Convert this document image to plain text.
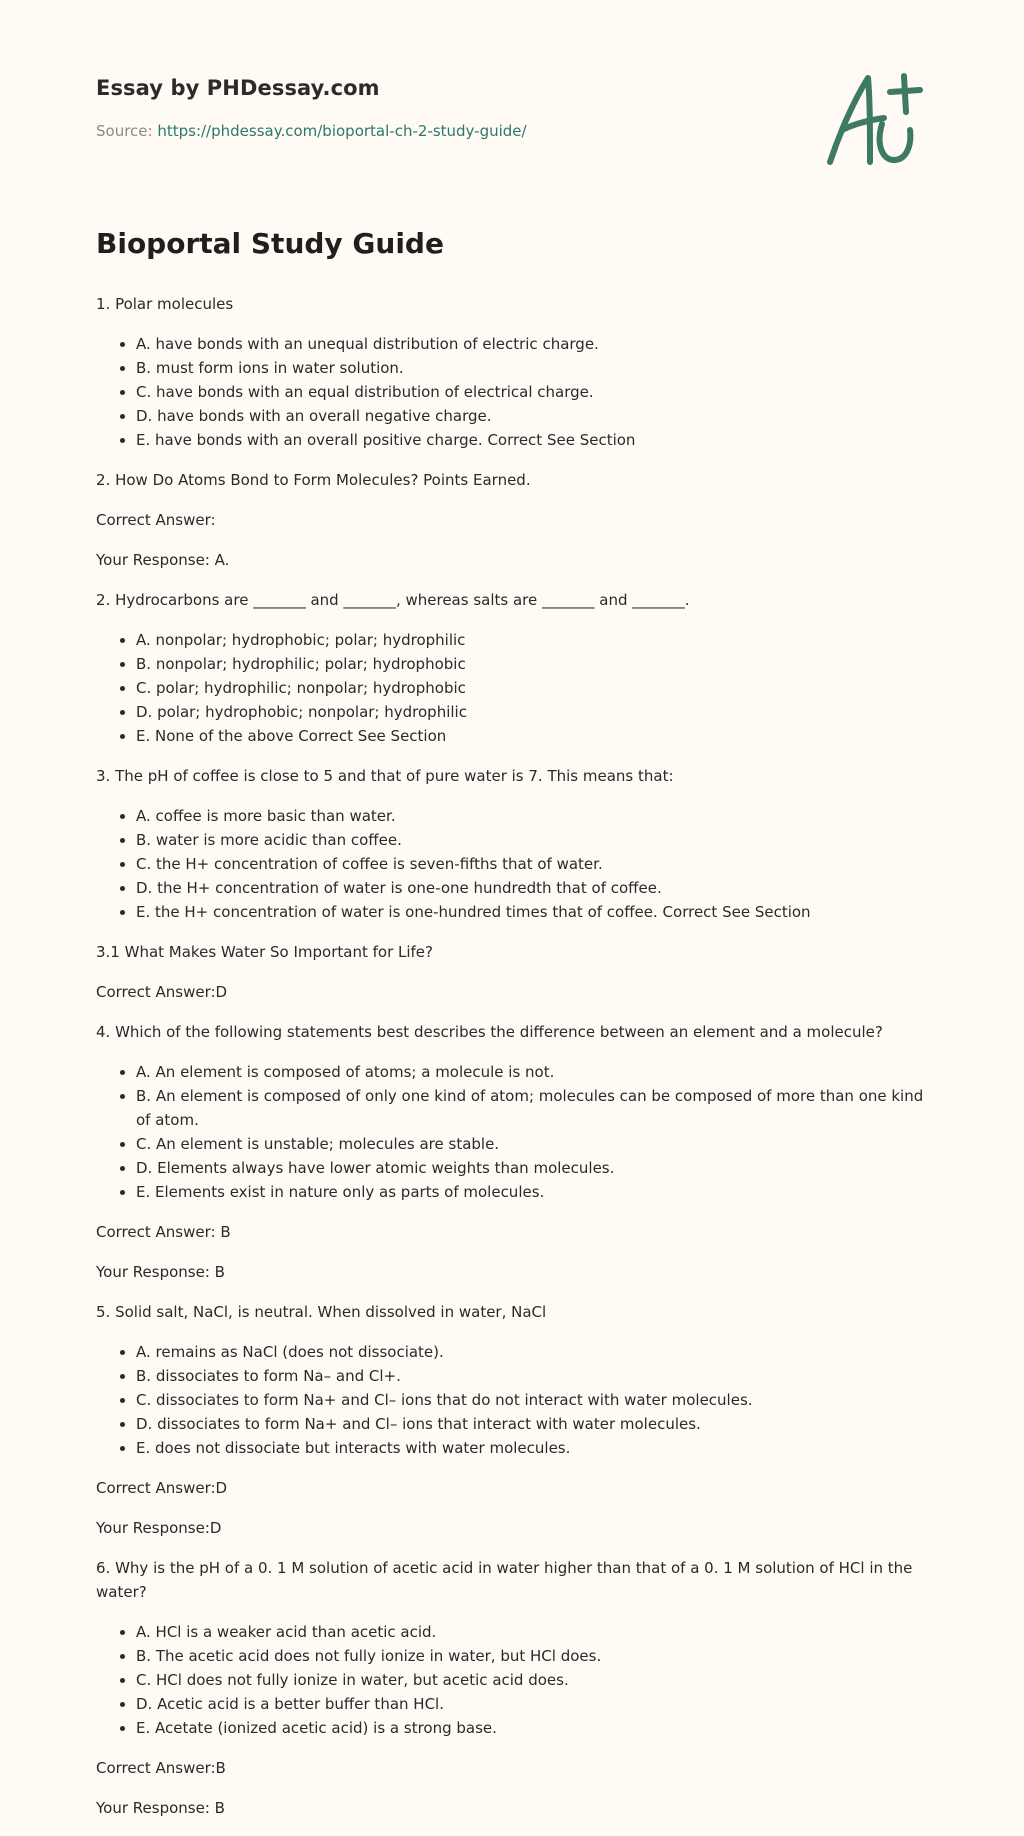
Essay by PHDessay.com
Source: https://phdessay.com/bioportal-ch-2-study-guide/
Bioportal Study Guide

1. Polar molecules

• A. have bonds with an unequal distribution of electric charge.
• B. must form ions in water solution.
• C. have bonds with an equal distribution of electrical charge.
• D. have bonds with an overall negative charge.
• E. have bonds with an overall positive charge. Correct See Section

2. How Do Atoms Bond to Form Molecules? Points Earned.

Correct Answer:

Your Response: A.

2. Hydrocarbons are _______ and _______, whereas salts are _______ and _______.

• A. nonpolar; hydrophobic; polar; hydrophilic
• B. nonpolar; hydrophilic; polar; hydrophobic
• C. polar; hydrophilic; nonpolar; hydrophobic
• D. polar; hydrophobic; nonpolar; hydrophilic
• E. None of the above Correct See Section

3. The pH of coffee is close to 5 and that of pure water is 7. This means that:

• A. coffee is more basic than water.
• B. water is more acidic than coffee.
• C. the H+ concentration of coffee is seven-fifths that of water.
• D. the H+ concentration of water is one-one hundredth that of coffee.
• E. the H+ concentration of water is one-hundred times that of coffee. Correct See Section

3.1 What Makes Water So Important for Life?

Correct Answer:D

4. Which of the following statements best describes the difference between an element and a molecule?

• A. An element is composed of atoms; a molecule is not.
• B. An element is composed of only one kind of atom; molecules can be composed of more than one kind of atom.
• C. An element is unstable; molecules are stable.
• D. Elements always have lower atomic weights than molecules.
• E. Elements exist in nature only as parts of molecules.

Correct Answer: B

Your Response: B

5. Solid salt, NaCl, is neutral. When dissolved in water, NaCl

• A. remains as NaCl (does not dissociate).
• B. dissociates to form Na– and Cl+.
• C. dissociates to form Na+ and Cl– ions that do not interact with water molecules.
• D. dissociates to form Na+ and Cl– ions that interact with water molecules.
• E. does not dissociate but interacts with water molecules.

Correct Answer:D

Your Response:D

6. Why is the pH of a 0. 1 M solution of acetic acid in water higher than that of a 0. 1 M solution of HCl in the water?

• A. HCl is a weaker acid than acetic acid.
• B. The acetic acid does not fully ionize in water, but HCl does.
• C. HCl does not fully ionize in water, but acetic acid does.
• D. Acetic acid is a better buffer than HCl.
• E. Acetate (ionized acetic acid) is a strong base.

Correct Answer:B

Your Response: B
